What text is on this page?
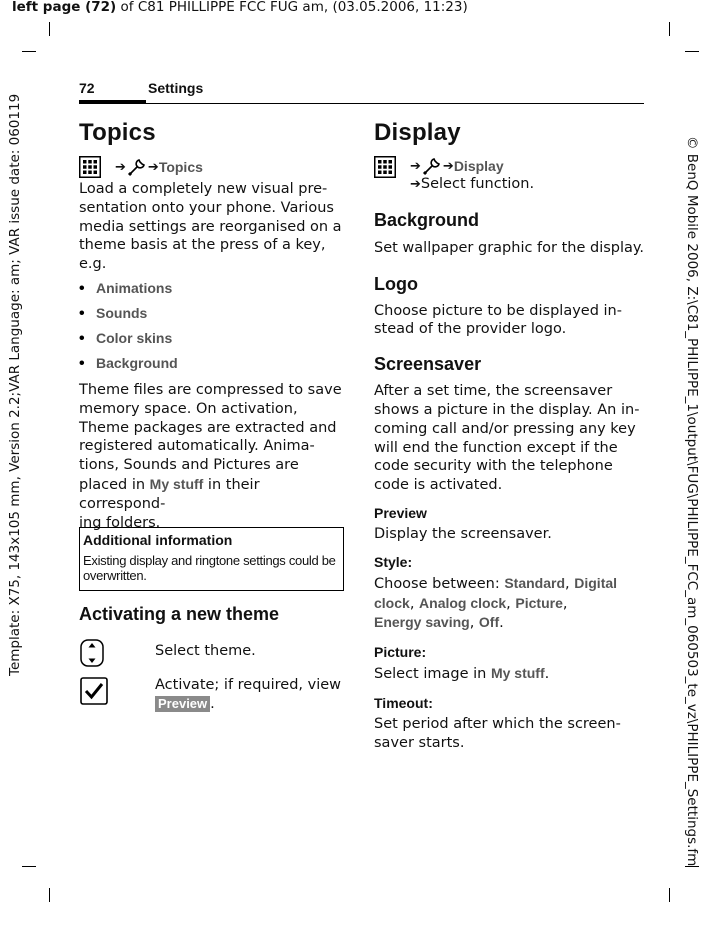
left page (72) of C81 PHILLIPPE FCC FUG am, (03.05.2006, 11:23)
Template: X75, 143x105 mm, Version 2.2;VAR Language: am; VAR issue date: 060119	© BenQ Mobile 2006, Z:\C81_PHILIPPE_1\output\FUG\PHILIPPE_FCC_am_060503_te_vz\PHILIPPE_Settings.fm
72	Settings
Topics
➔ ➔ Topics
Load a completely new visual pre-
sentation onto your phone. Various
media settings are reorganised on a
theme basis at the press of a key,
e.g.
• Animations
• Sounds
• Color skins
• Background
Theme files are compressed to save
memory space. On activation,
Theme packages are extracted and
registered automatically. Anima-
tions, Sounds and Pictures are
placed in My stuff in their correspond-
ing folders.
Additional information
Existing display and ringtone settings could be overwritten.
Activating a new theme
Select theme.
Activate; if required, view
Preview .
Display
➔ ➔ Display
➔Select function.
Background
Set wallpaper graphic for the display.
Logo
Choose picture to be displayed in-
stead of the provider logo.
Screensaver
After a set time, the screensaver
shows a picture in the display. An in-
coming call and/or pressing any key
will end the function except if the
code security with the telephone
code is activated.
Preview
Display the screensaver.
Style:
Choose between: Standard, Digital
clock, Analog clock, Picture,
Energy saving, Off.
Picture:
Select image in My stuff.
Timeout:
Set period after which the screen-
saver starts.
